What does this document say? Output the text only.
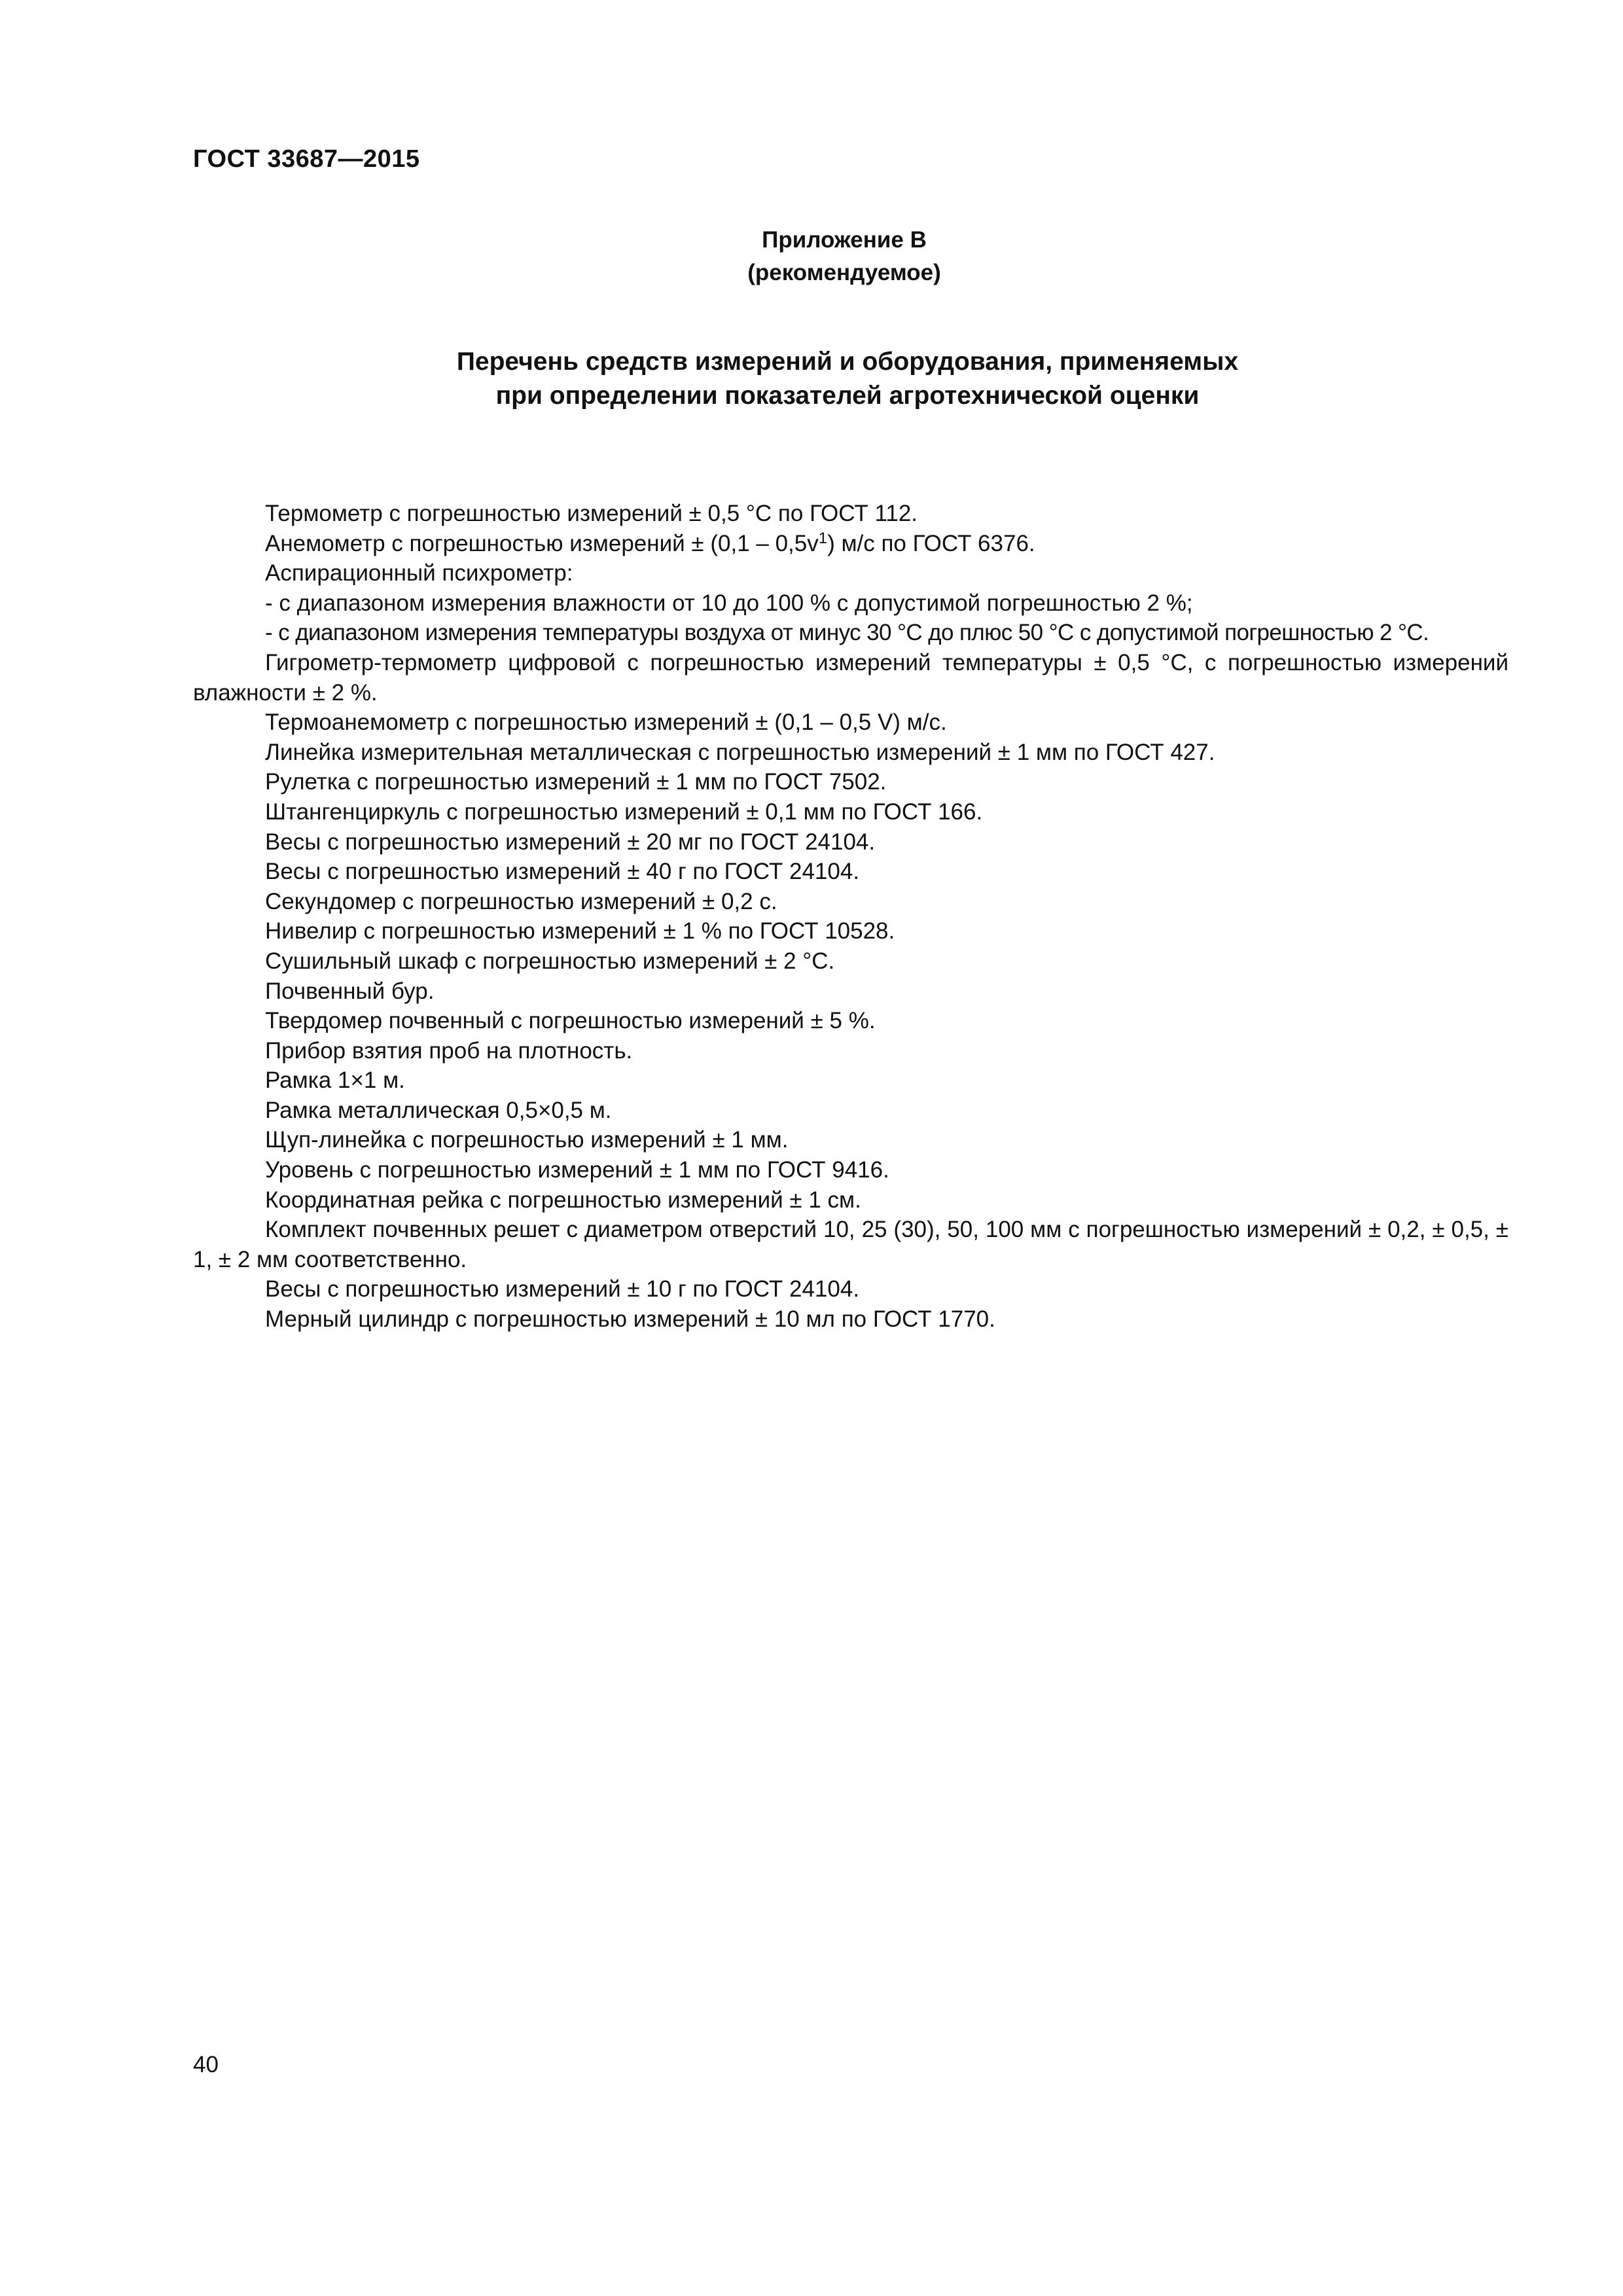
ГОСТ 33687—2015
Приложение В
(рекомендуемое)
Перечень средств измерений и оборудования, применяемых
при определении показателей агротехнической оценки

Термометр с погрешностью измерений ± 0,5 °С по ГОСТ 112.

Анемометр с погрешностью измерений ± $(0,1 - 0,5v^1)$ м/с по ГОСТ 6376.

Аспирационный психрометр:

- с диапазоном измерения влажности от 10 до 100 % с допустимой погрешностью 2 %;

- с диапазоном измерения температуры воздуха от минус 30 °С до плюс 50 °С с допустимой погрешностью 2 °С.

Гигрометр-термометр цифровой с погрешностью измерений температуры ± 0,5 °С, с погрешностью измерений влажности ± 2 %.

Термоанемометр с погрешностью измерений ± (0,1 – 0,5 V) м/с.

Линейка измерительная металлическая с погрешностью измерений ± 1 мм по ГОСТ 427.

Рулетка с погрешностью измерений ± 1 мм по ГОСТ 7502.

Штангенциркуль с погрешностью измерений ± 0,1 мм по ГОСТ 166.

Весы с погрешностью измерений ± 20 мг по ГОСТ 24104.

Весы с погрешностью измерений ± 40 г по ГОСТ 24104.

Секундомер с погрешностью измерений ± 0,2 с.

Нивелир с погрешностью измерений ± 1 % по ГОСТ 10528.

Сушильный шкаф с погрешностью измерений ± 2 °С.

Почвенный бур.

Твердомер почвенный с погрешностью измерений ± 5 %.

Прибор взятия проб на плотность.

Рамка 1×1 м.

Рамка металлическая 0,5×0,5 м.

Щуп-линейка с погрешностью измерений ± 1 мм.

Уровень с погрешностью измерений ± 1 мм по ГОСТ 9416.

Координатная рейка с погрешностью измерений ± 1 см.

Комплект почвенных решет с диаметром отверстий 10, 25 (30), 50, 100 мм с погрешностью измерений ± 0,2, ± 0,5, ± 1, ± 2 мм соответственно.

Весы с погрешностью измерений ± 10 г по ГОСТ 24104.

Мерный цилиндр с погрешностью измерений ± 10 мл по ГОСТ 1770.

40
